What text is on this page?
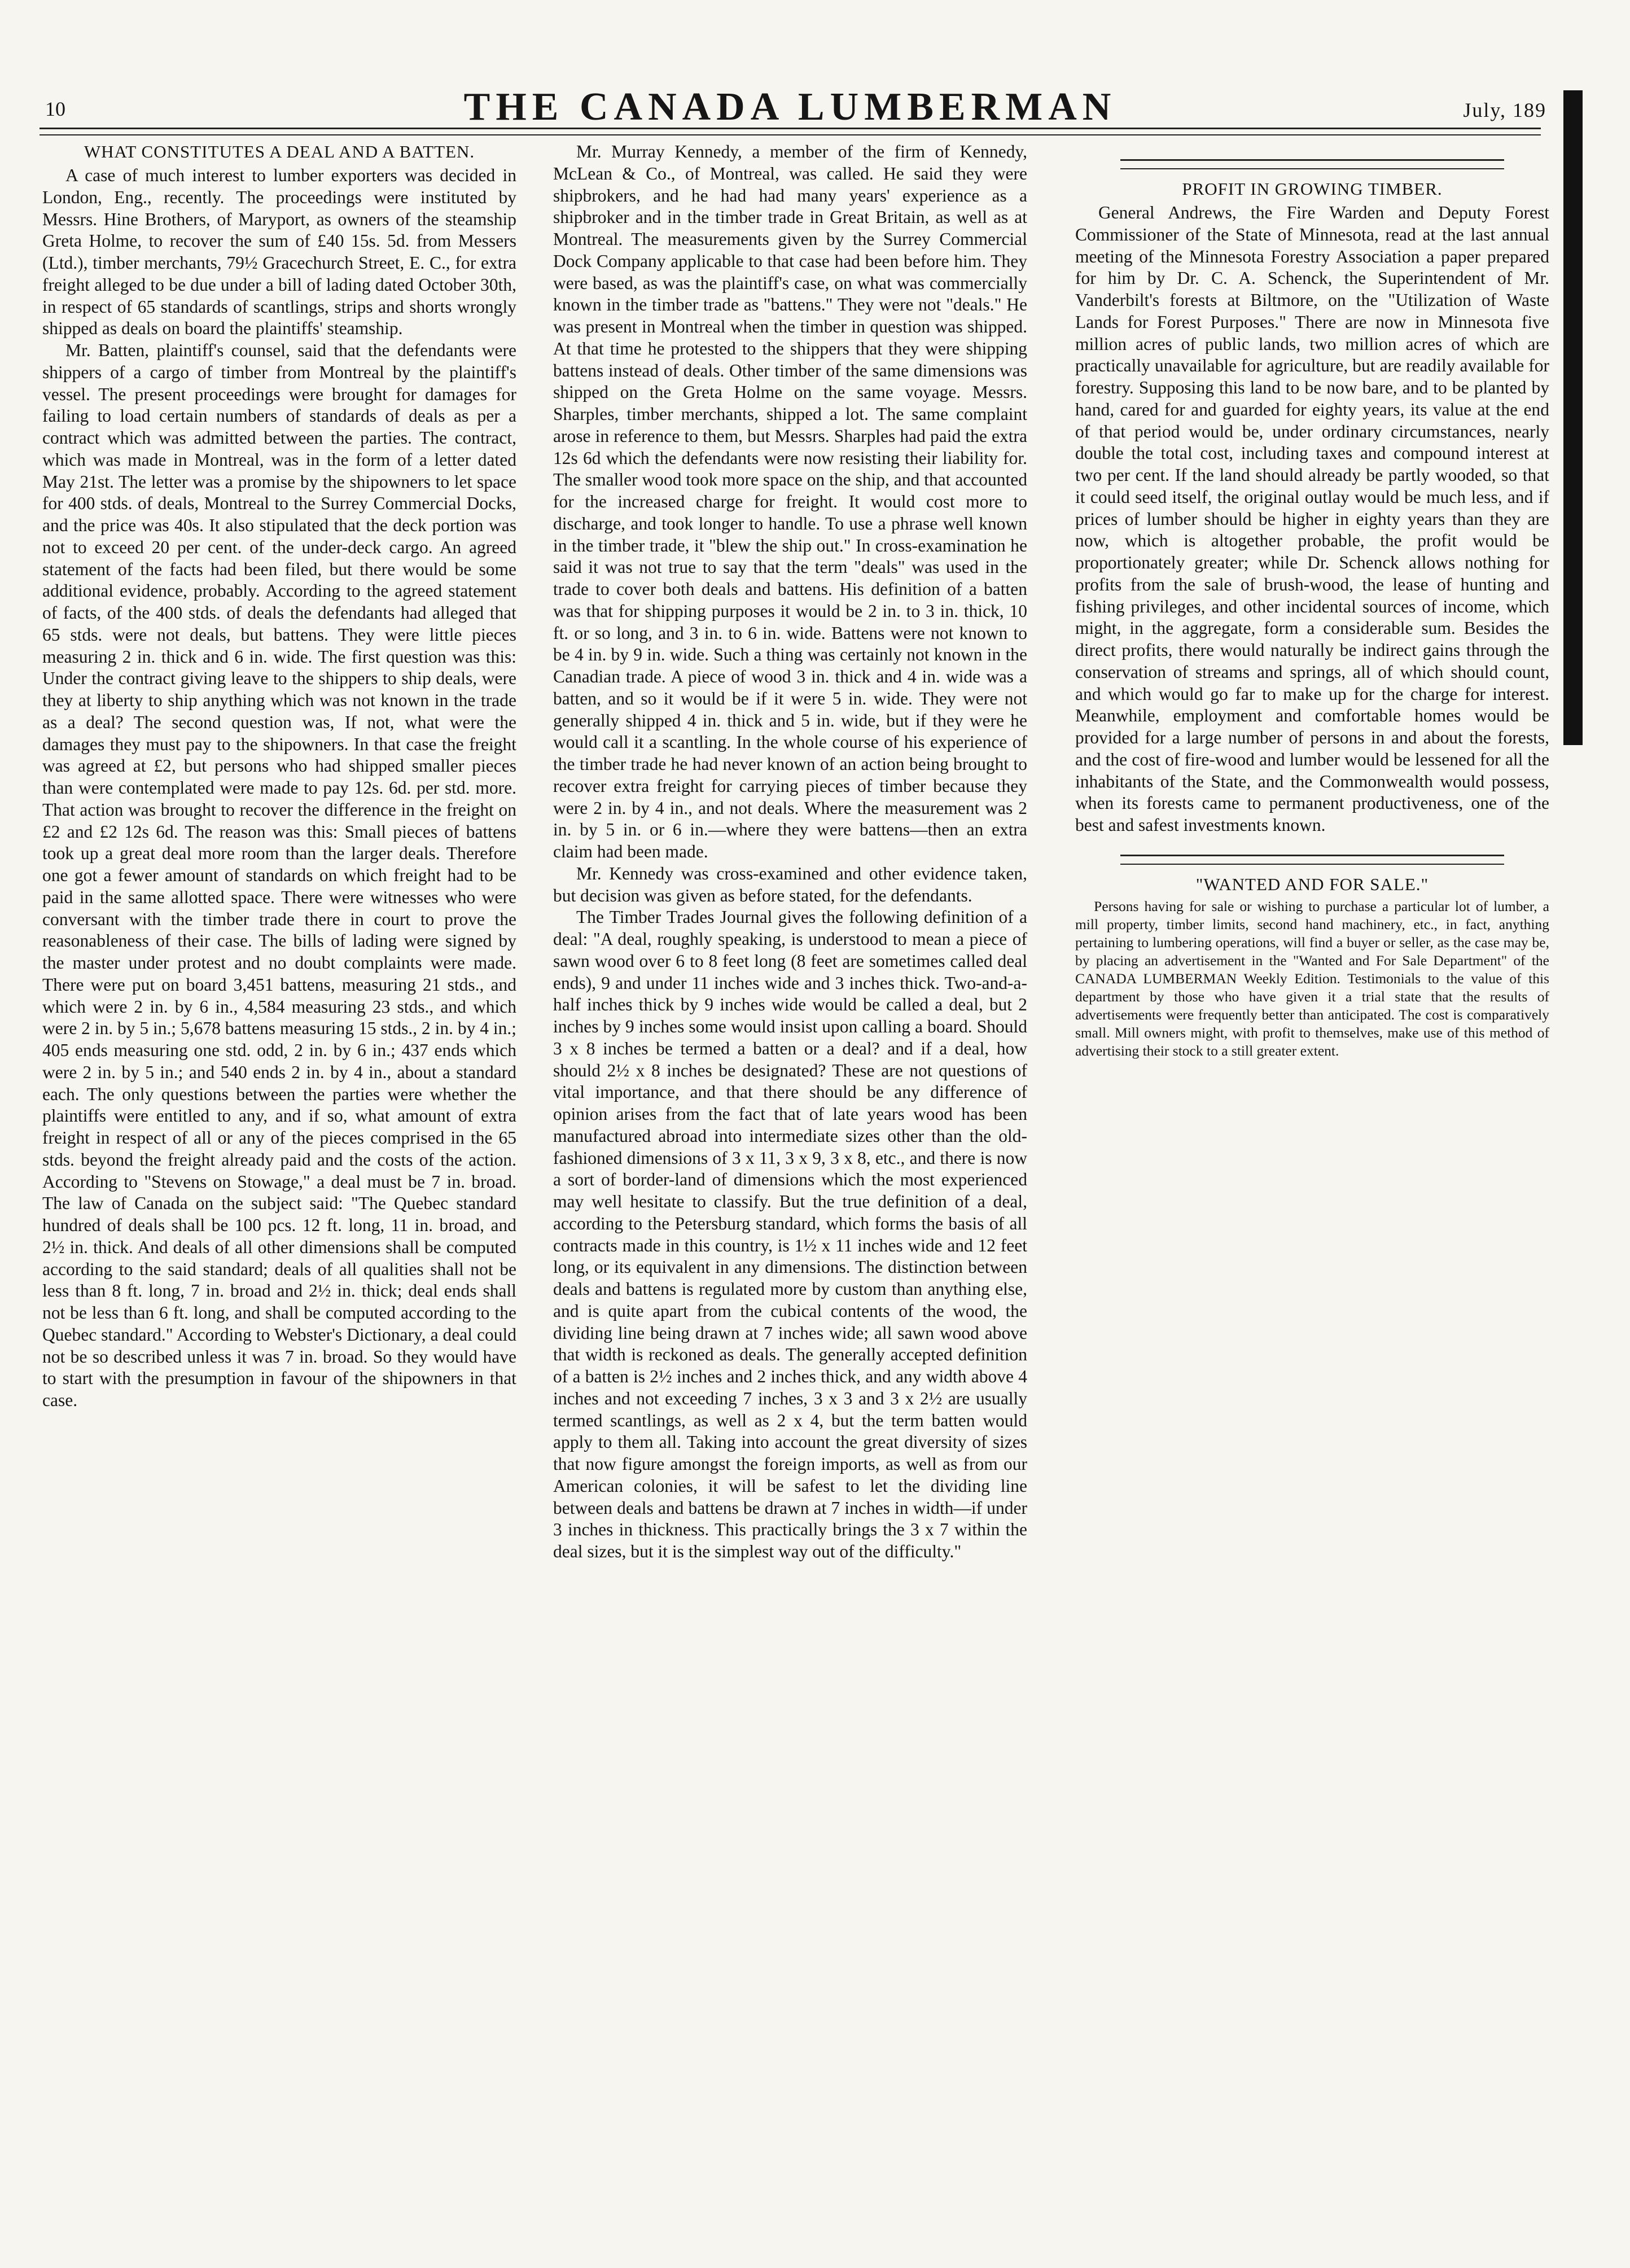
10	THE CANADA LUMBERMAN	July, 189
WHAT CONSTITUTES A DEAL AND A BATTEN.

A case of much interest to lumber exporters was decided in London, Eng., recently. The proceedings were instituted by Messrs. Hine Brothers, of Maryport, as owners of the steamship Greta Holme, to recover the sum of £40 15s. 5d. from Messers (Ltd.), timber merchants, 79½ Gracechurch Street, E. C., for extra freight alleged to be due under a bill of lading dated October 30th, in respect of 65 standards of scantlings, strips and shorts wrongly shipped as deals on board the plaintiffs' steamship.

Mr. Batten, plaintiff's counsel, said that the defendants were shippers of a cargo of timber from Montreal by the plaintiff's vessel. The present proceedings were brought for damages for failing to load certain numbers of standards of deals as per a contract which was admitted between the parties. The contract, which was made in Montreal, was in the form of a letter dated May 21st. The letter was a promise by the shipowners to let space for 400 stds. of deals, Montreal to the Surrey Commercial Docks, and the price was 40s. It also stipulated that the deck portion was not to exceed 20 per cent. of the under-deck cargo. An agreed statement of the facts had been filed, but there would be some additional evidence, probably. According to the agreed statement of facts, of the 400 stds. of deals the defendants had alleged that 65 stds. were not deals, but battens. They were little pieces measuring 2 in. thick and 6 in. wide. The first question was this: Under the contract giving leave to the shippers to ship deals, were they at liberty to ship anything which was not known in the trade as a deal? The second question was, If not, what were the damages they must pay to the shipowners. In that case the freight was agreed at £2, but persons who had shipped smaller pieces than were contemplated were made to pay 12s. 6d. per std. more. That action was brought to recover the difference in the freight on £2 and £2 12s 6d. The reason was this: Small pieces of battens took up a great deal more room than the larger deals. Therefore one got a fewer amount of standards on which freight had to be paid in the same allotted space. There were witnesses who were conversant with the timber trade there in court to prove the reasonableness of their case. The bills of lading were signed by the master under protest and no doubt complaints were made. There were put on board 3,451 battens, measuring 21 stds., and which were 2 in. by 6 in., 4,584 measuring 23 stds., and which were 2 in. by 5 in.; 5,678 battens measuring 15 stds., 2 in. by 4 in.; 405 ends measuring one std. odd, 2 in. by 6 in.; 437 ends which were 2 in. by 5 in.; and 540 ends 2 in. by 4 in., about a standard each. The only questions between the parties were whether the plaintiffs were entitled to any, and if so, what amount of extra freight in respect of all or any of the pieces comprised in the 65 stds. beyond the freight already paid and the costs of the action. According to "Stevens on Stowage," a deal must be 7 in. broad. The law of Canada on the subject said: "The Quebec standard hundred of deals shall be 100 pcs. 12 ft. long, 11 in. broad, and 2½ in. thick. And deals of all other dimensions shall be computed according to the said standard; deals of all qualities shall not be less than 8 ft. long, 7 in. broad and 2½ in. thick; deal ends shall not be less than 6 ft. long, and shall be computed according to the Quebec standard." According to Webster's Dictionary, a deal could not be so described unless it was 7 in. broad. So they would have to start with the presumption in favour of the shipowners in that case.

Mr. Murray Kennedy, a member of the firm of Kennedy, McLean & Co., of Montreal, was called. He said they were shipbrokers, and he had had many years' experience as a shipbroker and in the timber trade in Great Britain, as well as at Montreal. The measurements given by the Surrey Commercial Dock Company applicable to that case had been before him. They were based, as was the plaintiff's case, on what was commercially known in the timber trade as "battens." They were not "deals." He was present in Montreal when the timber in question was shipped. At that time he protested to the shippers that they were shipping battens instead of deals. Other timber of the same dimensions was shipped on the Greta Holme on the same voyage. Messrs. Sharples, timber merchants, shipped a lot. The same complaint arose in reference to them, but Messrs. Sharples had paid the extra 12s 6d which the defendants were now resisting their liability for. The smaller wood took more space on the ship, and that accounted for the increased charge for freight. It would cost more to discharge, and took longer to handle. To use a phrase well known in the timber trade, it "blew the ship out." In cross-examination he said it was not true to say that the term "deals" was used in the trade to cover both deals and battens. His definition of a batten was that for shipping purposes it would be 2 in. to 3 in. thick, 10 ft. or so long, and 3 in. to 6 in. wide. Battens were not known to be 4 in. by 9 in. wide. Such a thing was certainly not known in the Canadian trade. A piece of wood 3 in. thick and 4 in. wide was a batten, and so it would be if it were 5 in. wide. They were not generally shipped 4 in. thick and 5 in. wide, but if they were he would call it a scantling. In the whole course of his experience of the timber trade he had never known of an action being brought to recover extra freight for carrying pieces of timber because they were 2 in. by 4 in., and not deals. Where the measurement was 2 in. by 5 in. or 6 in.—where they were battens—then an extra claim had been made.

Mr. Kennedy was cross-examined and other evidence taken, but decision was given as before stated, for the defendants.

The Timber Trades Journal gives the following definition of a deal: "A deal, roughly speaking, is understood to mean a piece of sawn wood over 6 to 8 feet long (8 feet are sometimes called deal ends), 9 and under 11 inches wide and 3 inches thick. Two-and-a-half inches thick by 9 inches wide would be called a deal, but 2 inches by 9 inches some would insist upon calling a board. Should 3 x 8 inches be termed a batten or a deal? and if a deal, how should 2½ x 8 inches be designated? These are not questions of vital importance, and that there should be any difference of opinion arises from the fact that of late years wood has been manufactured abroad into intermediate sizes other than the old-fashioned dimensions of 3 x 11, 3 x 9, 3 x 8, etc., and there is now a sort of border-land of dimensions which the most experienced may well hesitate to classify. But the true definition of a deal, according to the Petersburg standard, which forms the basis of all contracts made in this country, is 1½ x 11 inches wide and 12 feet long, or its equivalent in any dimensions. The distinction between deals and battens is regulated more by custom than anything else, and is quite apart from the cubical contents of the wood, the dividing line being drawn at 7 inches wide; all sawn wood above that width is reckoned as deals. The generally accepted definition of a batten is 2½ inches and 2 inches thick, and any width above 4 inches and not exceeding 7 inches, 3 x 3 and 3 x 2½ are usually termed scantlings, as well as 2 x 4, but the term batten would apply to them all. Taking into account the great diversity of sizes that now figure amongst the foreign imports, as well as from our American colonies, it will be safest to let the dividing line between deals and battens be drawn at 7 inches in width—if under 3 inches in thickness. This practically brings the 3 x 7 within the deal sizes, but it is the simplest way out of the difficulty."

PROFIT IN GROWING TIMBER.

General Andrews, the Fire Warden and Deputy Forest Commissioner of the State of Minnesota, read at the last annual meeting of the Minnesota Forestry Association a paper prepared for him by Dr. C. A. Schenck, the Superintendent of Mr. Vanderbilt's forests at Biltmore, on the "Utilization of Waste Lands for Forest Purposes." There are now in Minnesota five million acres of public lands, two million acres of which are practically unavailable for agriculture, but are readily available for forestry. Supposing this land to be now bare, and to be planted by hand, cared for and guarded for eighty years, its value at the end of that period would be, under ordinary circumstances, nearly double the total cost, including taxes and compound interest at two per cent. If the land should already be partly wooded, so that it could seed itself, the original outlay would be much less, and if prices of lumber should be higher in eighty years than they are now, which is altogether probable, the profit would be proportionately greater; while Dr. Schenck allows nothing for profits from the sale of brush-wood, the lease of hunting and fishing privileges, and other incidental sources of income, which might, in the aggregate, form a considerable sum. Besides the direct profits, there would naturally be indirect gains through the conservation of streams and springs, all of which should count, and which would go far to make up for the charge for interest. Meanwhile, employment and comfortable homes would be provided for a large number of persons in and about the forests, and the cost of fire-wood and lumber would be lessened for all the inhabitants of the State, and the Commonwealth would possess, when its forests came to permanent productiveness, one of the best and safest investments known.

"WANTED AND FOR SALE."

Persons having for sale or wishing to purchase a particular lot of lumber, a mill property, timber limits, second hand machinery, etc., in fact, anything pertaining to lumbering operations, will find a buyer or seller, as the case may be, by placing an advertisement in the "Wanted and For Sale Department" of the CANADA LUMBERMAN Weekly Edition. Testimonials to the value of this department by those who have given it a trial state that the results of advertisements were frequently better than anticipated. The cost is comparatively small. Mill owners might, with profit to themselves, make use of this method of advertising their stock to a still greater extent.
